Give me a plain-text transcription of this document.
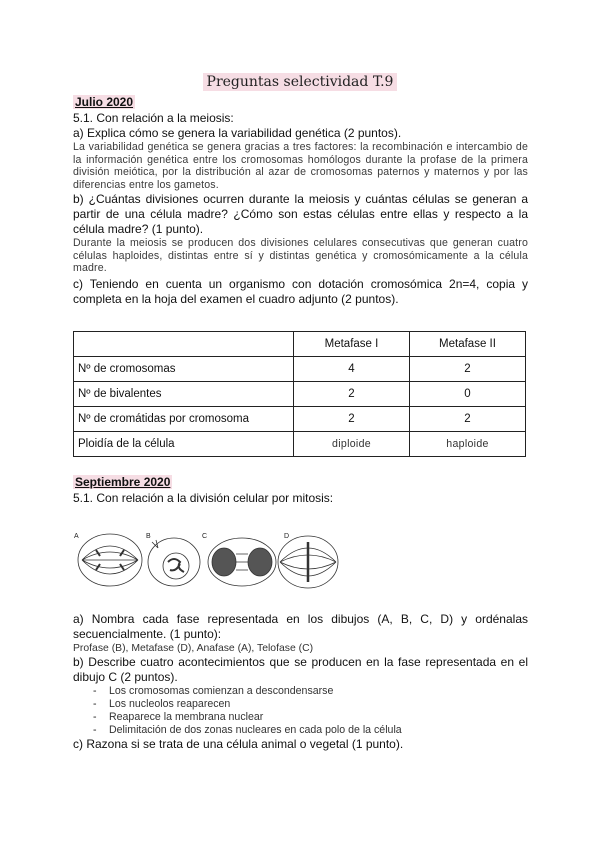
Preguntas selectividad T.9
Julio 2020

5.1. Con relación a la meiosis:

a) Explica cómo se genera la variabilidad genética (2 puntos).

La variabilidad genética se genera gracias a tres factores: la recombinación e intercambio de la información genética entre los cromosomas homólogos durante la profase de la primera división meiótica, por la distribución al azar de cromosomas paternos y maternos y por las diferencias entre los gametos.

b) ¿Cuántas divisiones ocurren durante la meiosis y cuántas células se generan a partir de una célula madre? ¿Cómo son estas células entre ellas y respecto a la célula madre? (1 punto).

Durante la meiosis se producen dos divisiones celulares consecutivas que generan cuatro células haploides, distintas entre sí y distintas genética y cromosómicamente a la célula madre.

c) Teniendo en cuenta un organismo con dotación cromosómica 2n=4, copia y completa en la hoja del examen el cuadro adjunto (2 puntos).

	Metafase I	Metafase II
Nº de cromosomas	4	2
Nº de bivalentes	2	0
Nº de cromátidas por cromosoma	2	2
Ploidía de la célula	diploide	haploide
Septiembre 2020

5.1. Con relación a la división celular por mitosis:

A	B	C	D

a) Nombra cada fase representada en los dibujos (A, B, C, D) y ordénalas secuencialmente. (1 punto):

Profase (B), Metafase (D), Anafase (A), Telofase (C)

b) Describe cuatro acontecimientos que se producen en la fase representada en el dibujo C (2 puntos).

- Los cromosomas comienzan a descondensarse
- Los nucleolos reaparecen
- Reaparece la membrana nuclear
- Delimitación de dos zonas nucleares en cada polo de la célula

c) Razona si se trata de una célula animal o vegetal (1 punto).
